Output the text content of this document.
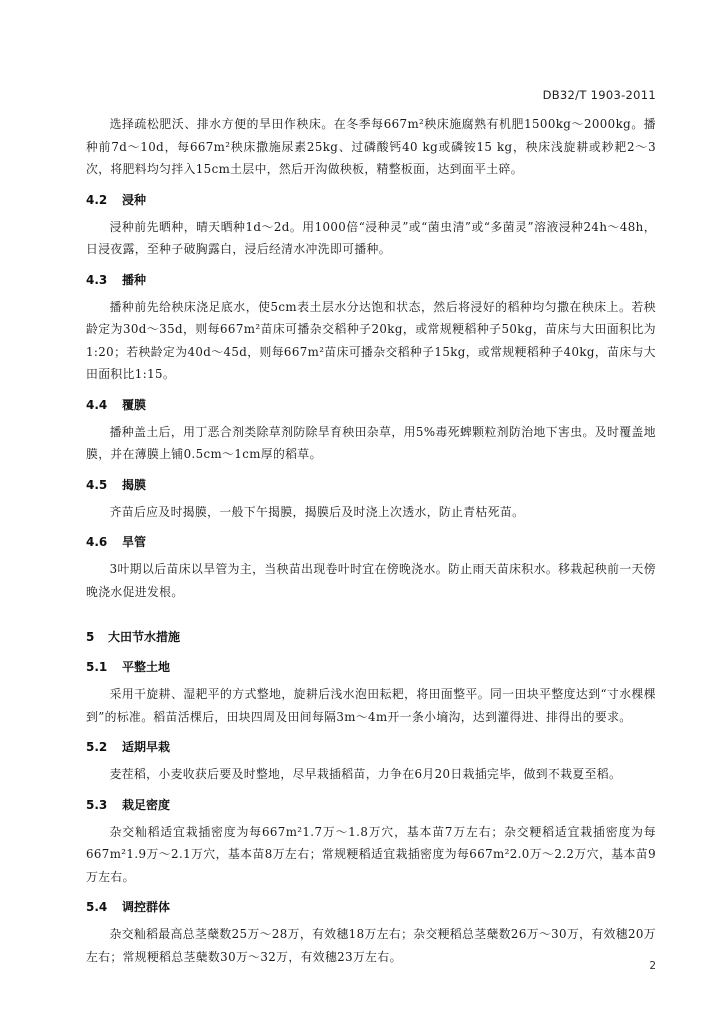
DB32/T 1903-2011

选择疏松肥沃、排水方便的旱田作秧床。在冬季每667m²秧床施腐熟有机肥1500kg～2000kg。播种前7d～10d，每667m²秧床撒施尿素25kg、过磷酸钙40 kg或磷铵15 kg，秧床浅旋耕或耖耙2～3次，将肥料均匀拌入15cm土层中，然后开沟做秧板，精整板面，达到面平土碎。

4.2 浸种

浸种前先晒种，晴天晒种1d～2d。用1000倍“浸种灵”或“菌虫清”或“多菌灵”溶液浸种24h～48h，日浸夜露，至种子破胸露白，浸后经清水冲洗即可播种。

4.3 播种

播种前先给秧床浇足底水，使5cm表土层水分达饱和状态，然后将浸好的稻种均匀撒在秧床上。若秧龄定为30d～35d，则每667m²苗床可播杂交稻种子20kg，或常规粳稻种子50kg，苗床与大田面积比为1:20；若秧龄定为40d～45d，则每667m²苗床可播杂交稻种子15kg，或常规粳稻种子40kg，苗床与大田面积比1:15。

4.4 覆膜

播种盖土后，用丁恶合剂类除草剂防除旱育秧田杂草，用5%毒死蜱颗粒剂防治地下害虫。及时覆盖地膜，并在薄膜上铺0.5cm～1cm厚的稻草。

4.5 揭膜

齐苗后应及时揭膜，一般下午揭膜，揭膜后及时浇上次透水，防止青枯死苗。

4.6 旱管

3叶期以后苗床以旱管为主，当秧苗出现卷叶时宜在傍晚浇水。防止雨天苗床积水。移栽起秧前一天傍晚浇水促进发根。

5 大田节水措施
5.1 平整土地

采用干旋耕、湿耙平的方式整地，旋耕后浅水泡田耘耙，将田面整平。同一田块平整度达到“寸水棵棵到”的标准。稻苗活棵后，田块四周及田间每隔3m～4m开一条小墒沟，达到灌得进、排得出的要求。

5.2 适期早栽

麦茬稻，小麦收获后要及时整地，尽早栽插稻苗，力争在6月20日栽插完毕，做到不栽夏至稻。

5.3 栽足密度

杂交籼稻适宜栽插密度为每667m²1.7万～1.8万穴，基本苗7万左右；杂交粳稻适宜栽插密度为每667m²1.9万～2.1万穴，基本苗8万左右；常规粳稻适宜栽插密度为每667m²2.0万～2.2万穴，基本苗9万左右。

5.4 调控群体

杂交籼稻最高总茎蘖数25万～28万，有效穗18万左右；杂交粳稻总茎蘖数26万～30万，有效穗20万左右；常规粳稻总茎蘖数30万～32万，有效穗23万左右。

2
